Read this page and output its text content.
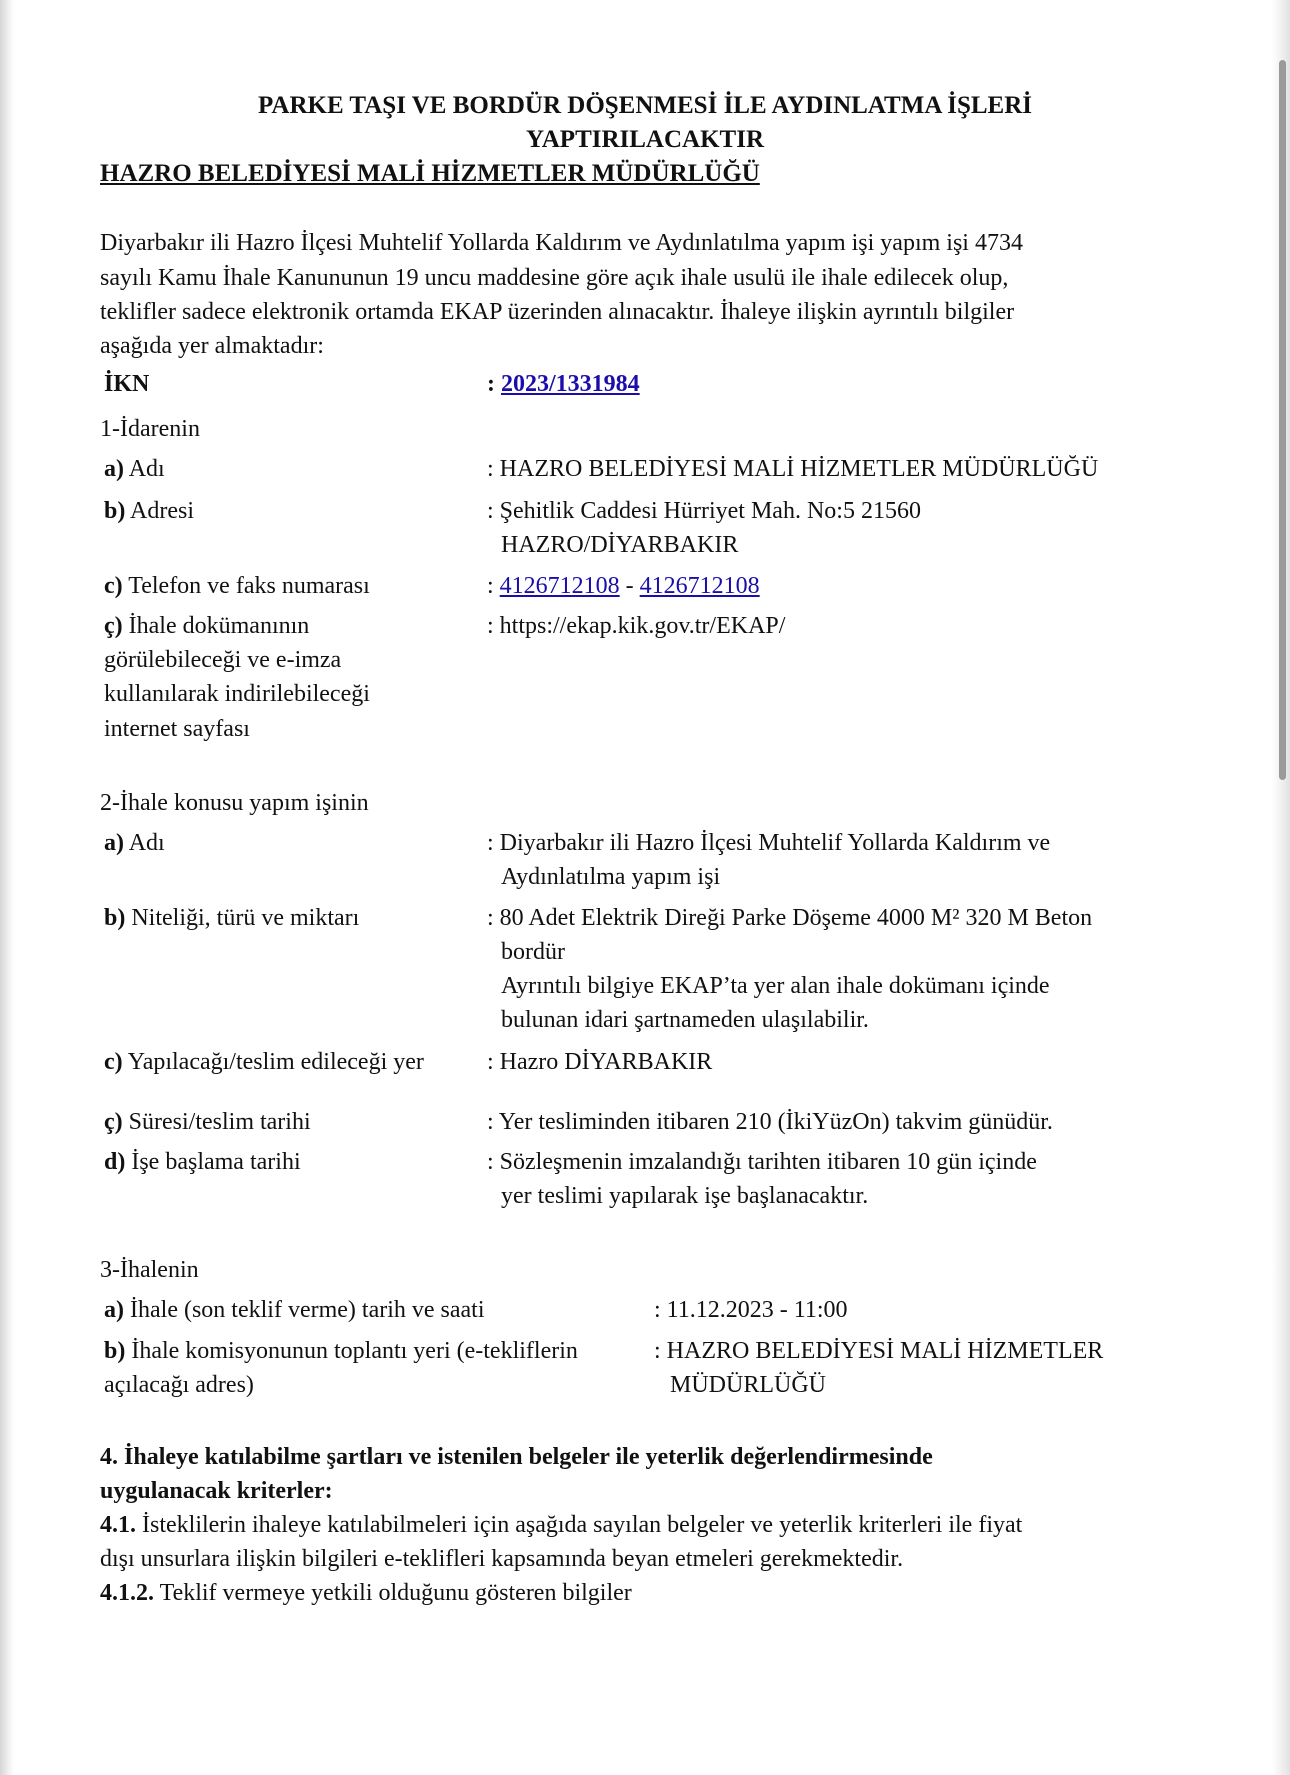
PARKE TAŞI VE BORDÜR DÖŞENMESİ İLE AYDINLATMA İŞLERİ
YAPTIRILACAKTIR
HAZRO BELEDİYESİ MALİ HİZMETLER MÜDÜRLÜĞÜ
Diyarbakır ili Hazro İlçesi Muhtelif Yollarda Kaldırım ve Aydınlatılma yapım işi yapım işi 4734
sayılı Kamu İhale Kanununun 19 uncu maddesine göre açık ihale usulü ile ihale edilecek olup,
teklifler sadece elektronik ortamda EKAP üzerinden alınacaktır. İhaleye ilişkin ayrıntılı bilgiler
aşağıda yer almaktadır:
İKN	: 2023/1331984
1-İdarenin
a) Adı	: HAZRO BELEDİYESİ MALİ HİZMETLER MÜDÜRLÜĞÜ
b) Adresi	: Şehitlik Caddesi Hürriyet Mah. No:5 21560
HAZRO/DİYARBAKIR
c) Telefon ve faks numarası	: 4126712108 - 4126712108
ç) İhale dokümanının
görülebileceği ve e-imza
kullanılarak indirilebileceği
internet sayfası
: https://ekap.kik.gov.tr/EKAP/
2-İhale konusu yapım işinin
a) Adı	: Diyarbakır ili Hazro İlçesi Muhtelif Yollarda Kaldırım ve
Aydınlatılma yapım işi
b) Niteliği, türü ve miktarı	: 80 Adet Elektrik Direği Parke Döşeme 4000 M² 320 M Beton
bordür
Ayrıntılı bilgiye EKAP’ta yer alan ihale dokümanı içinde
bulunan idari şartnameden ulaşılabilir.
c) Yapılacağı/teslim edileceği yer	: Hazro DİYARBAKIR
ç) Süresi/teslim tarihi	: Yer tesliminden itibaren 210 (İkiYüzOn) takvim günüdür.
d) İşe başlama tarihi	: Sözleşmenin imzalandığı tarihten itibaren 10 gün içinde
yer teslimi yapılarak işe başlanacaktır.
3-İhalenin
a) İhale (son teklif verme) tarih ve saati	: 11.12.2023 - 11:00
b) İhale komisyonunun toplantı yeri (e-tekliflerin
açılacağı adres)
: HAZRO BELEDİYESİ MALİ HİZMETLER
MÜDÜRLÜĞÜ
4. İhaleye katılabilme şartları ve istenilen belgeler ile yeterlik değerlendirmesinde
uygulanacak kriterler:
4.1. İsteklilerin ihaleye katılabilmeleri için aşağıda sayılan belgeler ve yeterlik kriterleri ile fiyat
dışı unsurlara ilişkin bilgileri e-teklifleri kapsamında beyan etmeleri gerekmektedir.
4.1.2. Teklif vermeye yetkili olduğunu gösteren bilgiler
